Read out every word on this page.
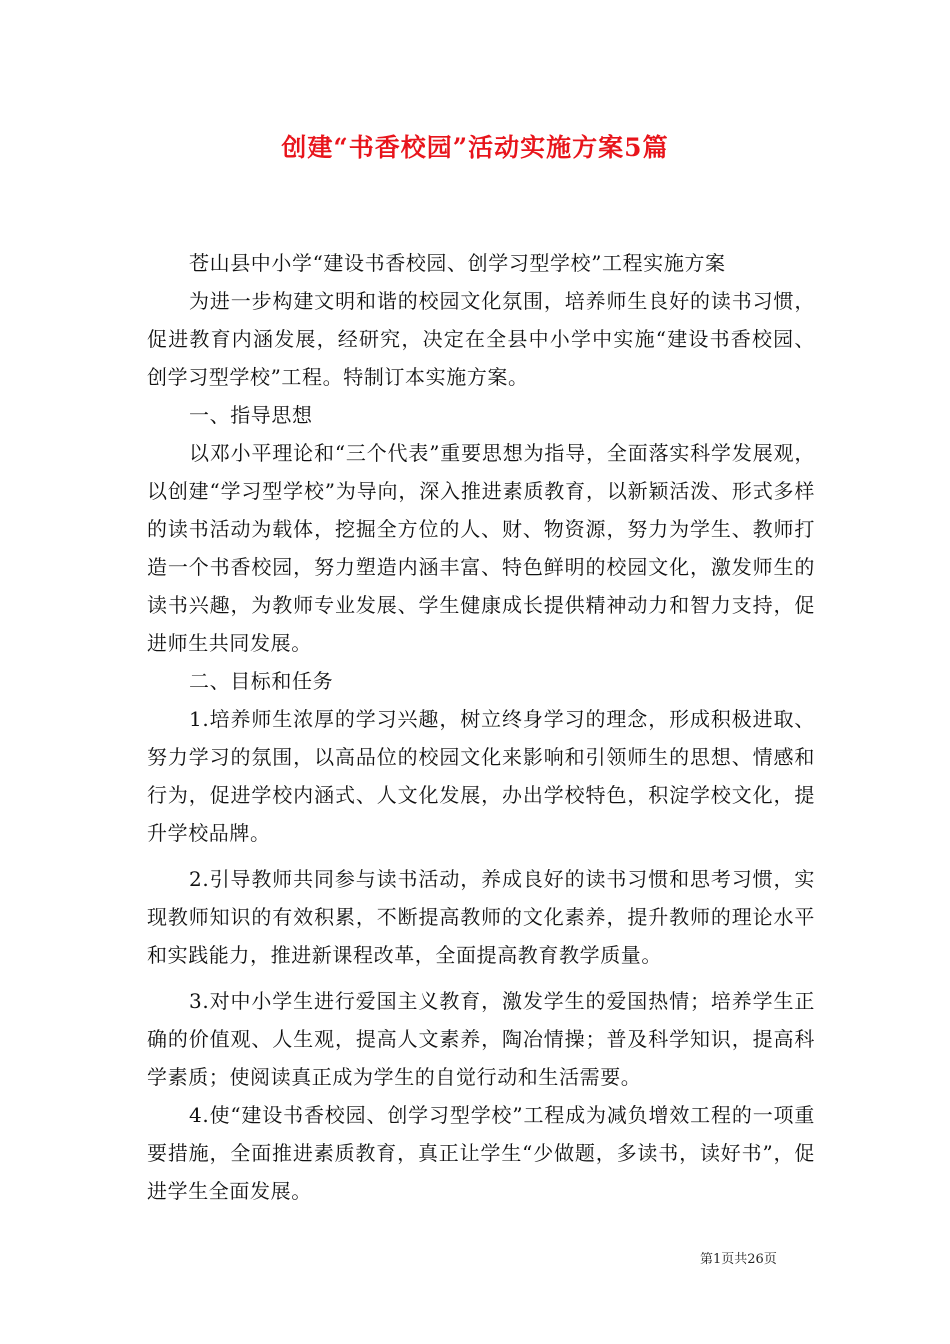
创建“书香校园”活动实施方案5篇

苍山县中小学“建设书香校园、创学习型学校”工程实施方案

为进一步构建文明和谐的校园文化氛围，培养师生良好的读书习惯，促进教育内涵发展，经研究，决定在全县中小学中实施“建设书香校园、创学习型学校”工程。特制订本实施方案。

一、指导思想

以邓小平理论和“三个代表”重要思想为指导，全面落实科学发展观，以创建“学习型学校”为导向，深入推进素质教育，以新颖活泼、形式多样的读书活动为载体，挖掘全方位的人、财、物资源，努力为学生、教师打造一个书香校园，努力塑造内涵丰富、特色鲜明的校园文化，激发师生的读书兴趣，为教师专业发展、学生健康成长提供精神动力和智力支持，促进师生共同发展。

二、目标和任务

1.培养师生浓厚的学习兴趣，树立终身学习的理念，形成积极进取、努力学习的氛围，以高品位的校园文化来影响和引领师生的思想、情感和行为，促进学校内涵式、人文化发展，办出学校特色，积淀学校文化，提升学校品牌。

2.引导教师共同参与读书活动，养成良好的读书习惯和思考习惯，实现教师知识的有效积累，不断提高教师的文化素养，提升教师的理论水平和实践能力，推进新课程改革，全面提高教育教学质量。

3.对中小学生进行爱国主义教育，激发学生的爱国热情；培养学生正确的价值观、人生观，提高人文素养，陶冶情操；普及科学知识，提高科学素质；使阅读真正成为学生的自觉行动和生活需要。

4.使“建设书香校园、创学习型学校”工程成为减负增效工程的一项重要措施，全面推进素质教育，真正让学生“少做题，多读书，读好书”，促进学生全面发展。

第1页共26页
